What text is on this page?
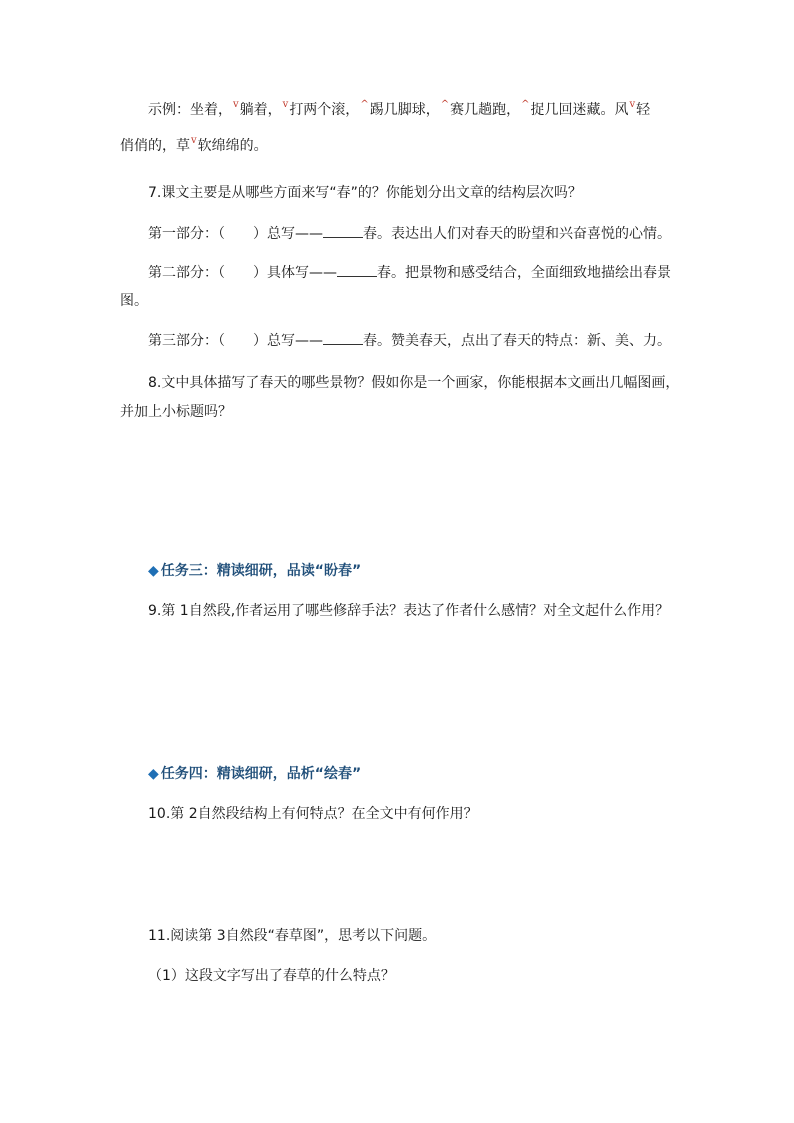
示例：坐着，$^v$躺着，$^v$打两个滚，^踢几脚球，^赛几趟跑，^捉几回迷藏。风$^v$轻
俏俏的，草$^v$软绵绵的。
7.课文主要是从哪些方面来写“春”的？你能划分出文章的结构层次吗？
第一部分：（　　）总写——	春。表达出人们对春天的盼望和兴奋喜悦的心情。
第二部分：（　　）具体写——	春。把景物和感受结合，全面细致地描绘出春景
图。
第三部分：（　　）总写——	春。赞美春天，点出了春天的特点：新、美、力。
8.文中具体描写了春天的哪些景物？假如你是一个画家，你能根据本文画出几幅图画，
并加上小标题吗？
◆ 任务三：精读细研，品读“盼春”
9.第 1自然段,作者运用了哪些修辞手法？表达了作者什么感情？对全文起什么作用？
◆ 任务四：精读细研，品析“绘春”
10.第 2自然段结构上有何特点？在全文中有何作用？
11.阅读第 3自然段“春草图”，思考以下问题。
（1）这段文字写出了春草的什么特点？
